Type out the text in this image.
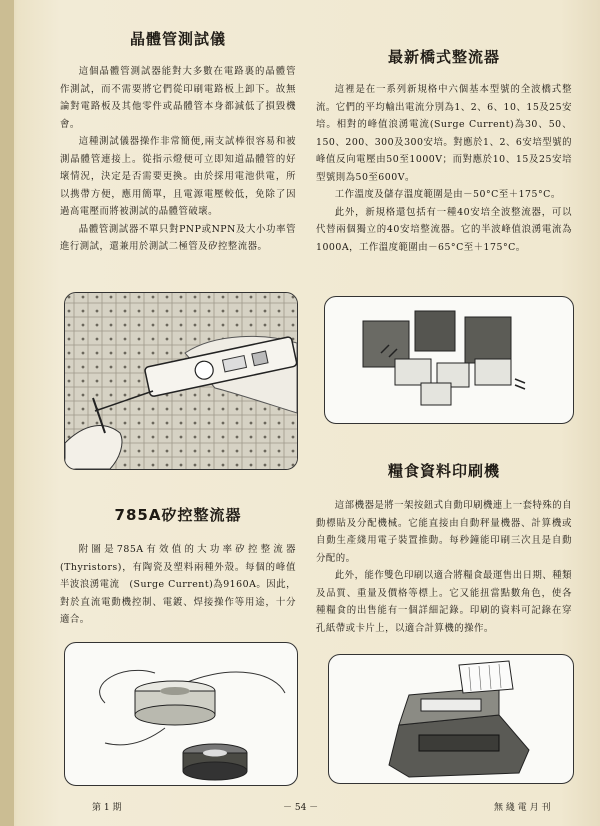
晶體管測試儀

這個晶體管測試器能對大多數在電路裏的晶體管作測試，而不需要將它們從印刷電路板上卸下。故無論對電路板及其他零件或晶體管本身都減低了損毀機會。

這種測試儀器操作非常簡便,兩支試棒很容易和被測晶體管連接上。從指示燈便可立即知道晶體管的好壞情況，決定是否需要更換。由於採用電池供電，所以携帶方便，應用簡單，且電源電壓較低，免除了因過高電壓而將被測試的晶體管破壞。

晶體管測試器不單只對PNP或NPN及大小功率管進行測試，還兼用於測試二極管及矽控整流器。

785A矽控整流器

附圖是785A有效值的大功率矽控整流器(Thyristors)，有陶瓷及塑料兩種外殼。每個的峰值半波浪湧電流　(Surge Current)為9160A。因此，對於直流電動機控制、電鍍、焊接操作等用途，十分適合。

最新橋式整流器

這裡是在一系列新規格中六個基本型號的全波橋式整流。它們的平均輸出電流分別為1、2、6、10、15及25安培。相對的峰值浪湧電流(Surge Current)為30、50、150、200、300及300安培。對應於1、2、6安培型號的峰值反向電壓由50至1000V；而對應於10、15及25安培型號則為50至600V。

工作溫度及儲存溫度範圍是由－50°C至＋175°C。

此外，新規格還包括有一種40安培全波整流器，可以代替兩個獨立的40安培整流器。它的半波峰值浪湧電流為1000A，工作溫度範圍由－65°C至＋175°C。

糧食資料印刷機

這部機器是將一架按鈕式自動印刷機連上一套特殊的自動標貼及分配機械。它能直接由自動秤量機器、計算機或自動生產綫用電子裝置推動。每秒鐘能印刷三次且是自動分配的。

此外，能作雙色印刷以適合將糧食最運售出日期、種類及品質、重量及價格等標上。它又能扭當點數角色，使各種糧食的出售能有一個詳細記錄。印刷的資料可記錄在穿孔紙帶或卡片上，以適合計算機的操作。

第 1 期	－ 54 －	無 綫 電 月 刊
